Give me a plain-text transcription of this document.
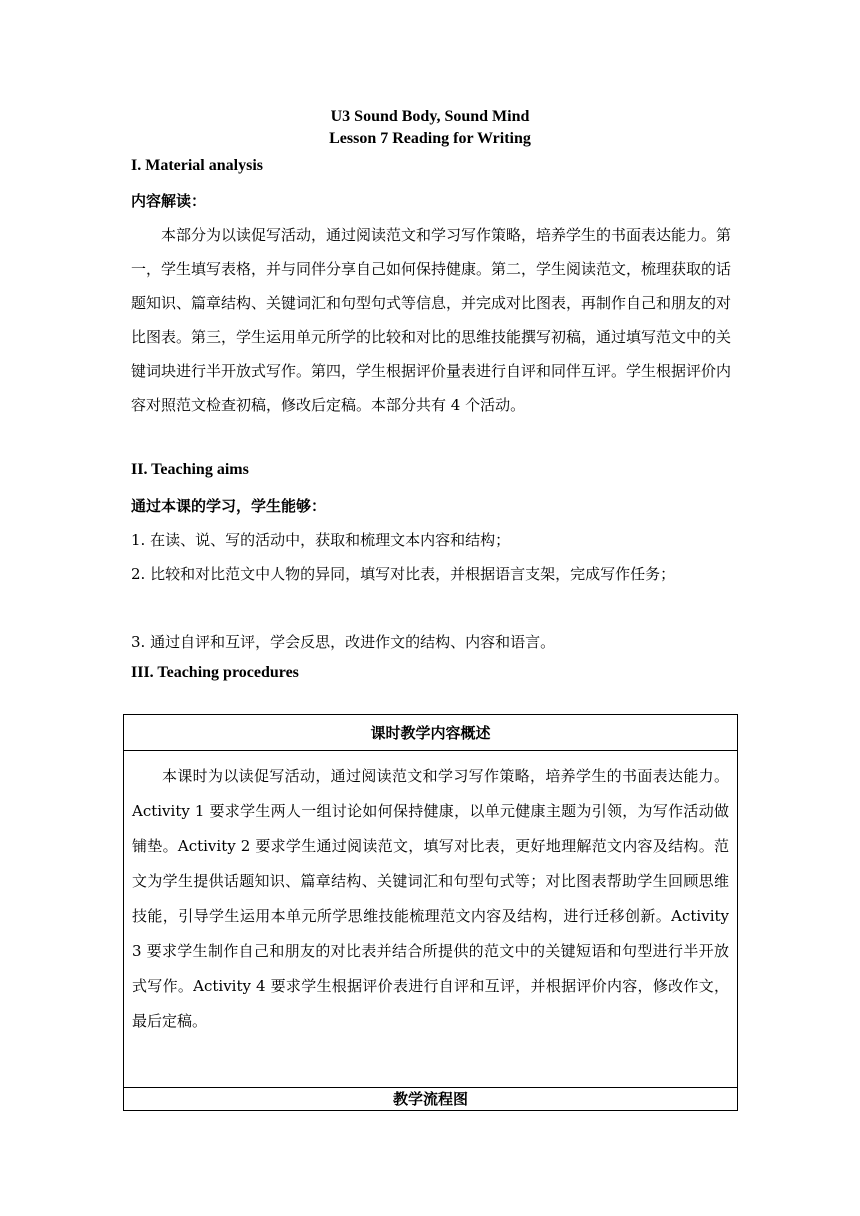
U3 Sound Body, Sound Mind
Lesson 7 Reading for Writing
I. Material analysis
内容解读：

本部分为以读促写活动，通过阅读范文和学习写作策略，培养学生的书面表达能力。第一，学生填写表格，并与同伴分享自己如何保持健康。第二，学生阅读范文，梳理获取的话题知识、篇章结构、关键词汇和句型句式等信息，并完成对比图表，再制作自己和朋友的对比图表。第三，学生运用单元所学的比较和对比的思维技能撰写初稿，通过填写范文中的关键词块进行半开放式写作。第四，学生根据评价量表进行自评和同伴互评。学生根据评价内容对照范文检查初稿，修改后定稿。本部分共有 4 个活动。

II. Teaching aims
通过本课的学习，学生能够：

1. 在读、说、写的活动中，获取和梳理文本内容和结构；

2. 比较和对比范文中人物的异同，填写对比表，并根据语言支架，完成写作任务；

3. 通过自评和互评，学会反思，改进作文的结构、内容和语言。

III. Teaching procedures
课时教学内容概述

本课时为以读促写活动，通过阅读范文和学习写作策略，培养学生的书面表达能力。Activity 1 要求学生两人一组讨论如何保持健康，以单元健康主题为引领，为写作活动做铺垫。Activity 2 要求学生通过阅读范文，填写对比表，更好地理解范文内容及结构。范文为学生提供话题知识、篇章结构、关键词汇和句型句式等；对比图表帮助学生回顾思维技能，引导学生运用本单元所学思维技能梳理范文内容及结构，进行迁移创新。Activity 3 要求学生制作自己和朋友的对比表并结合所提供的范文中的关键短语和句型进行半开放式写作。Activity 4 要求学生根据评价表进行自评和互评，并根据评价内容，修改作文，最后定稿。

教学流程图
